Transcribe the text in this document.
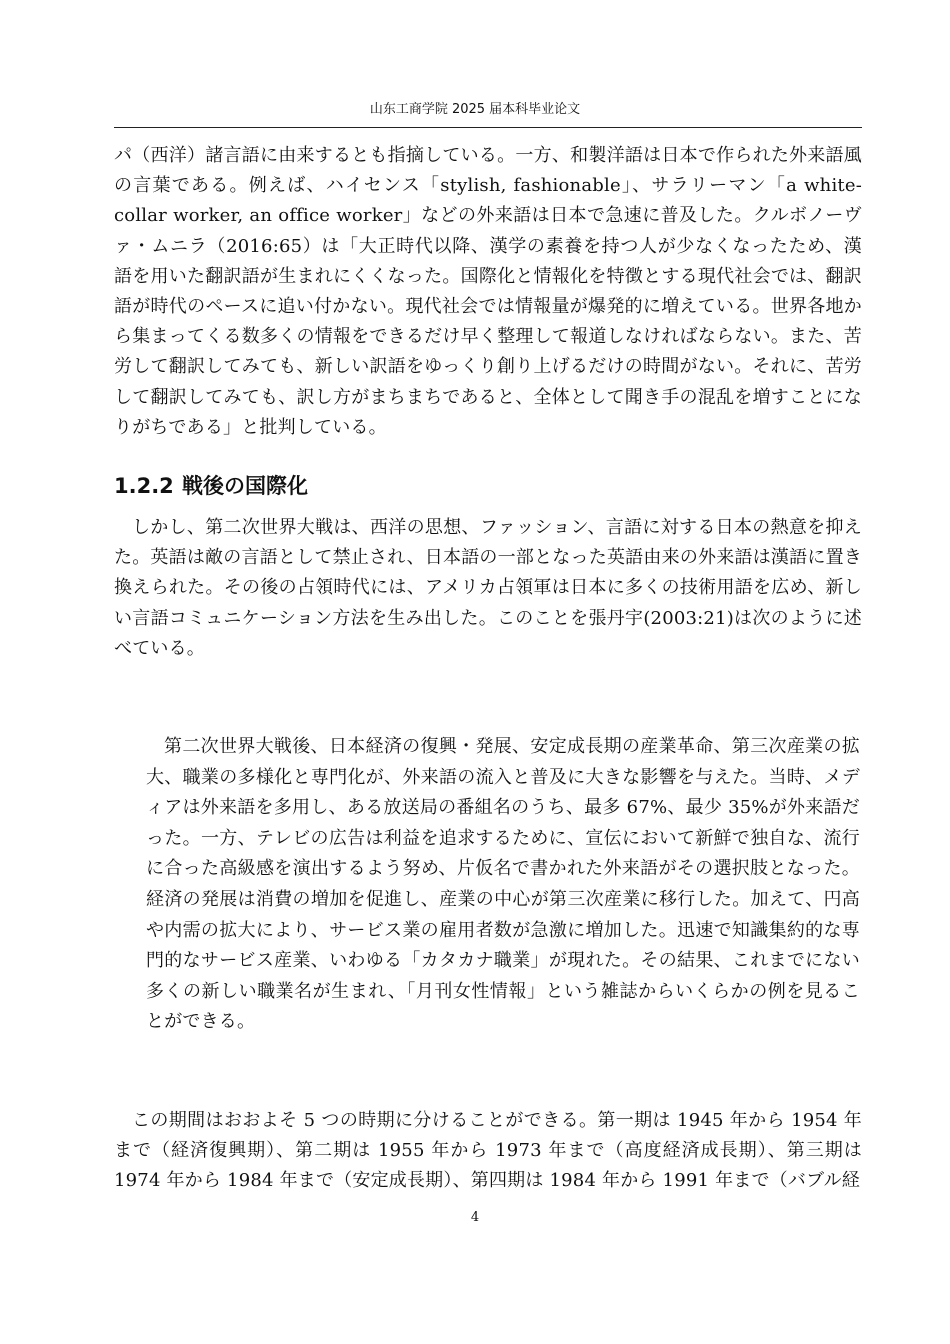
山东工商学院 2025 届本科毕业论文

パ（西洋）諸言語に由来するとも指摘している。一方、和製洋語は日本で作られた外来語風の言葉である。例えば、ハイセンス「stylish, fashionable」、サラリーマン「a white-collar worker, an office worker」などの外来語は日本で急速に普及した。クルボノーヴァ・ムニラ（2016:65）は「大正時代以降、漢学の素養を持つ人が少なくなったため、漢語を用いた翻訳語が生まれにくくなった。国際化と情報化を特徴とする現代社会では、翻訳語が時代のペースに追い付かない。現代社会では情報量が爆発的に増えている。世界各地から集まってくる数多くの情報をできるだけ早く整理して報道しなければならない。また、苦労して翻訳してみても、新しい訳語をゆっくり創り上げるだけの時間がない。それに、苦労して翻訳してみても、訳し方がまちまちであると、全体として聞き手の混乱を増すことになりがちである」と批判している。

1.2.2 戦後の国際化

しかし、第二次世界大戦は、西洋の思想、ファッション、言語に対する日本の熱意を抑えた。英語は敵の言語として禁止され、日本語の一部となった英語由来の外来語は漢語に置き換えられた。その後の占領時代には、アメリカ占領軍は日本に多くの技術用語を広め、新しい言語コミュニケーション方法を生み出した。このことを張丹宇(2003:21)は次のように述べている。

第二次世界大戦後、日本経済の復興・発展、安定成長期の産業革命、第三次産業の拡大、職業の多様化と専門化が、外来語の流入と普及に大きな影響を与えた。当時、メディアは外来語を多用し、ある放送局の番組名のうち、最多 67%、最少 35%が外来語だった。一方、テレビの広告は利益を追求するために、宣伝において新鮮で独自な、流行に合った高級感を演出するよう努め、片仮名で書かれた外来語がその選択肢となった。経済の発展は消費の増加を促進し、産業の中心が第三次産業に移行した。加えて、円高や内需の拡大により、サービス業の雇用者数が急激に増加した。迅速で知識集約的な専門的なサービス産業、いわゆる「カタカナ職業」が現れた。その結果、これまでにない多くの新しい職業名が生まれ、「月刊女性情報」という雑誌からいくらかの例を見ることができる。

この期間はおおよそ 5 つの時期に分けることができる。第一期は 1945 年から 1954 年まで（経済復興期）、第二期は 1955 年から 1973 年まで（高度経済成長期）、第三期は 1974 年から 1984 年まで（安定成長期）、第四期は 1984 年から 1991 年まで（バブル経

4
